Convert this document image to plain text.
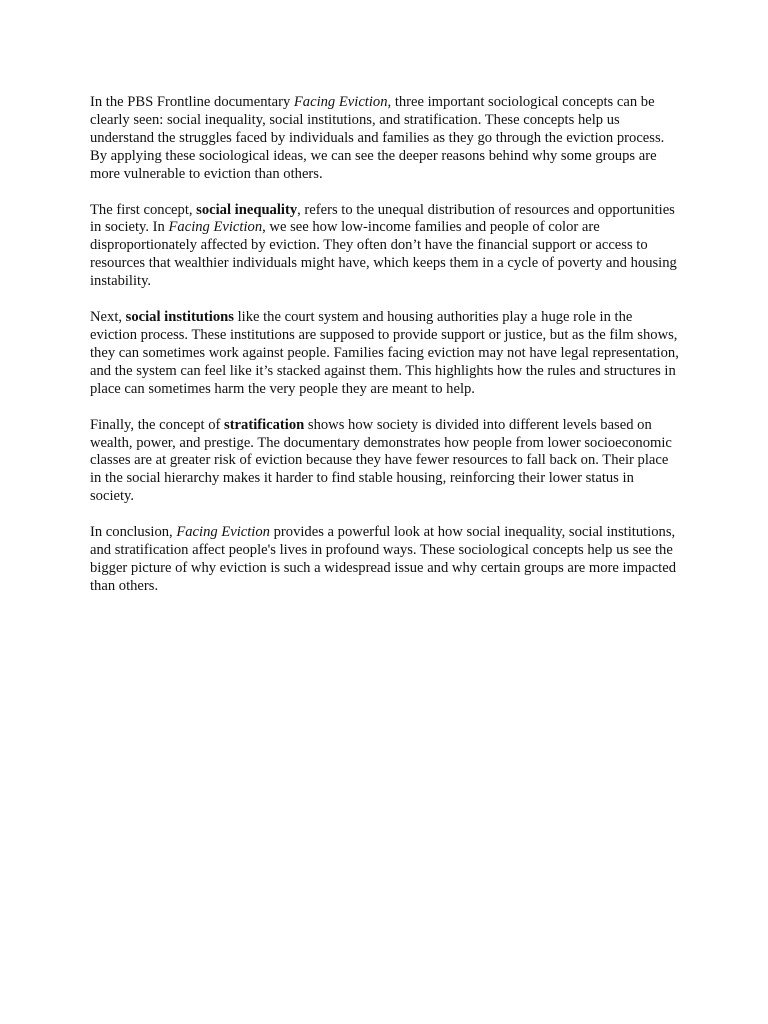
In the PBS Frontline documentary Facing Eviction, three important sociological concepts can be clearly seen: social inequality, social institutions, and stratification. These concepts help us understand the struggles faced by individuals and families as they go through the eviction process. By applying these sociological ideas, we can see the deeper reasons behind why some groups are more vulnerable to eviction than others.

The first concept, social inequality, refers to the unequal distribution of resources and opportunities in society. In Facing Eviction, we see how low-income families and people of color are disproportionately affected by eviction. They often don’t have the financial support or access to resources that wealthier individuals might have, which keeps them in a cycle of poverty and housing instability.

Next, social institutions like the court system and housing authorities play a huge role in the eviction process. These institutions are supposed to provide support or justice, but as the film shows, they can sometimes work against people. Families facing eviction may not have legal representation, and the system can feel like it’s stacked against them. This highlights how the rules and structures in place can sometimes harm the very people they are meant to help.

Finally, the concept of stratification shows how society is divided into different levels based on wealth, power, and prestige. The documentary demonstrates how people from lower socioeconomic classes are at greater risk of eviction because they have fewer resources to fall back on. Their place in the social hierarchy makes it harder to find stable housing, reinforcing their lower status in society.

In conclusion, Facing Eviction provides a powerful look at how social inequality, social institutions, and stratification affect people's lives in profound ways. These sociological concepts help us see the bigger picture of why eviction is such a widespread issue and why certain groups are more impacted than others.
